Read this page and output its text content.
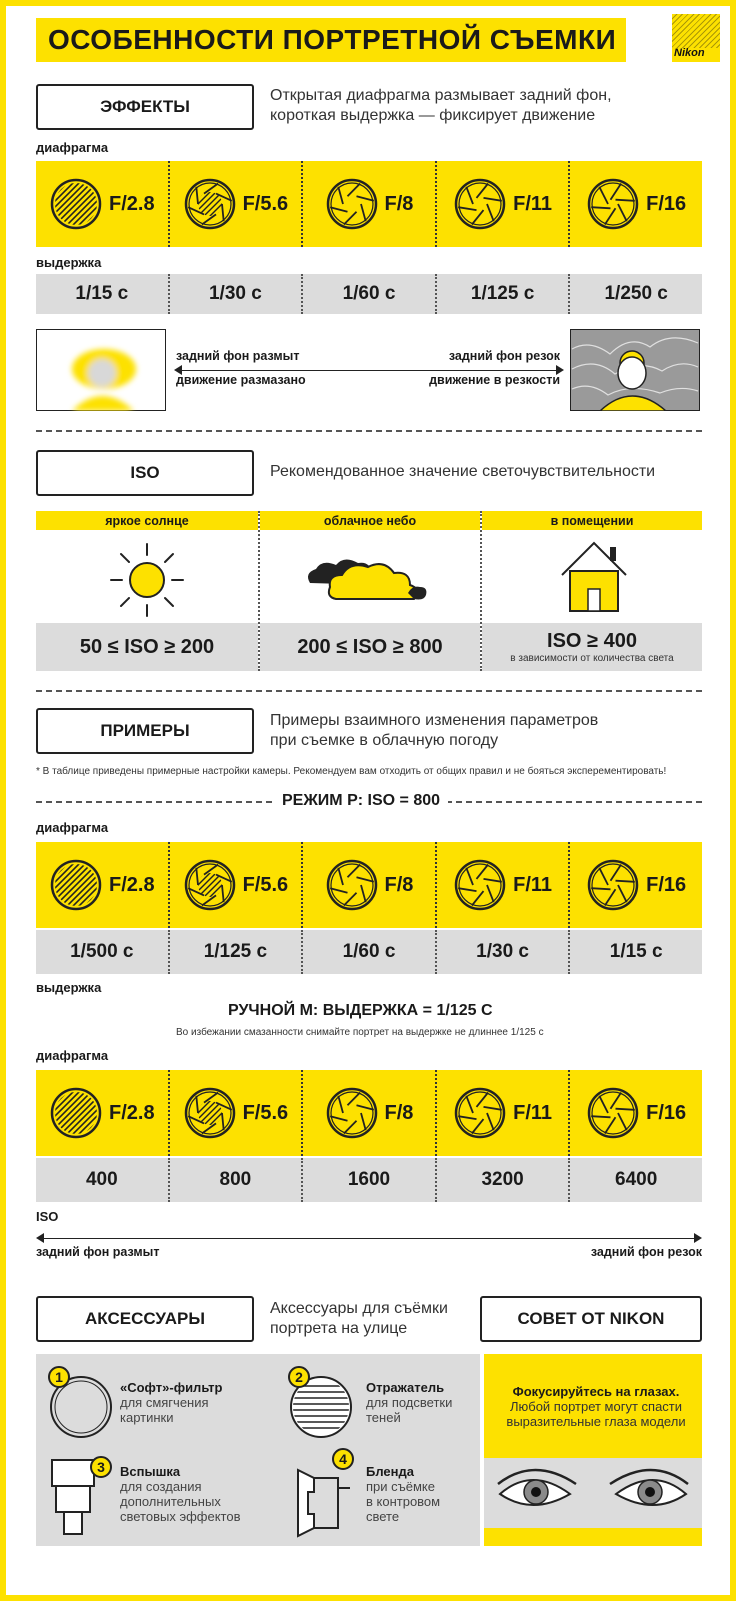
ОСОБЕННОСТИ ПОРТРЕТНОЙ СЪЕМКИ	Nikon
ЭФФЕКТЫ
Открытая диафрагма размывает задний фон,
короткая выдержка — фиксирует движение
диафрагма
F/2.8	F/5.6	F/8	F/11	F/16
выдержка
1/15 с	1/30 с	1/60 с	1/125 с	1/250 с
задний фон размыт
движение размазано
задний фон резок
движение в резкости
ISO	Рекомендованное значение светочувствительности
яркое солнце
50 ≤ ISO ≥ 200
облачное небо
200 ≤ ISO ≥ 800
в помещении
ISO ≥ 400
в зависимости от количества света
ПРИМЕРЫ
Примеры взаимного изменения параметров
при съемке в облачную погоду
* В таблице приведены примерные настройки камеры. Рекомендуем вам отходить от общих правил и не бояться эксперементировать!
РЕЖИМ P: ISO = 800
диафрагма
F/2.8	F/5.6	F/8	F/11	F/16
1/500 с	1/125 с	1/60 с	1/30 с	1/15 с
выдержка
РУЧНОЙ М: ВЫДЕРЖКА = 1/125 С
Во избежании смазанности снимайте портрет на выдержке не длиннее 1/125 с
диафрагма
F/2.8	F/5.6	F/8	F/11	F/16
400	800	1600	3200	6400
ISO
задний фон размыт	задний фон резок
АКСЕССУАРЫ
Аксессуары для съёмки
портрета на улице
СОВЕТ ОТ NIKON
1
«Софт»-фильтр
для смягчения
картинки
2
Отражатель
для подсветки
теней
3	Вспышка
для создания
дополнительных
световых эффектов
4
Бленда
при съёмке
в контровом
свете
Фокусируйтесь на глазах.
Любой портрет могут спасти
выразительные глаза модели
